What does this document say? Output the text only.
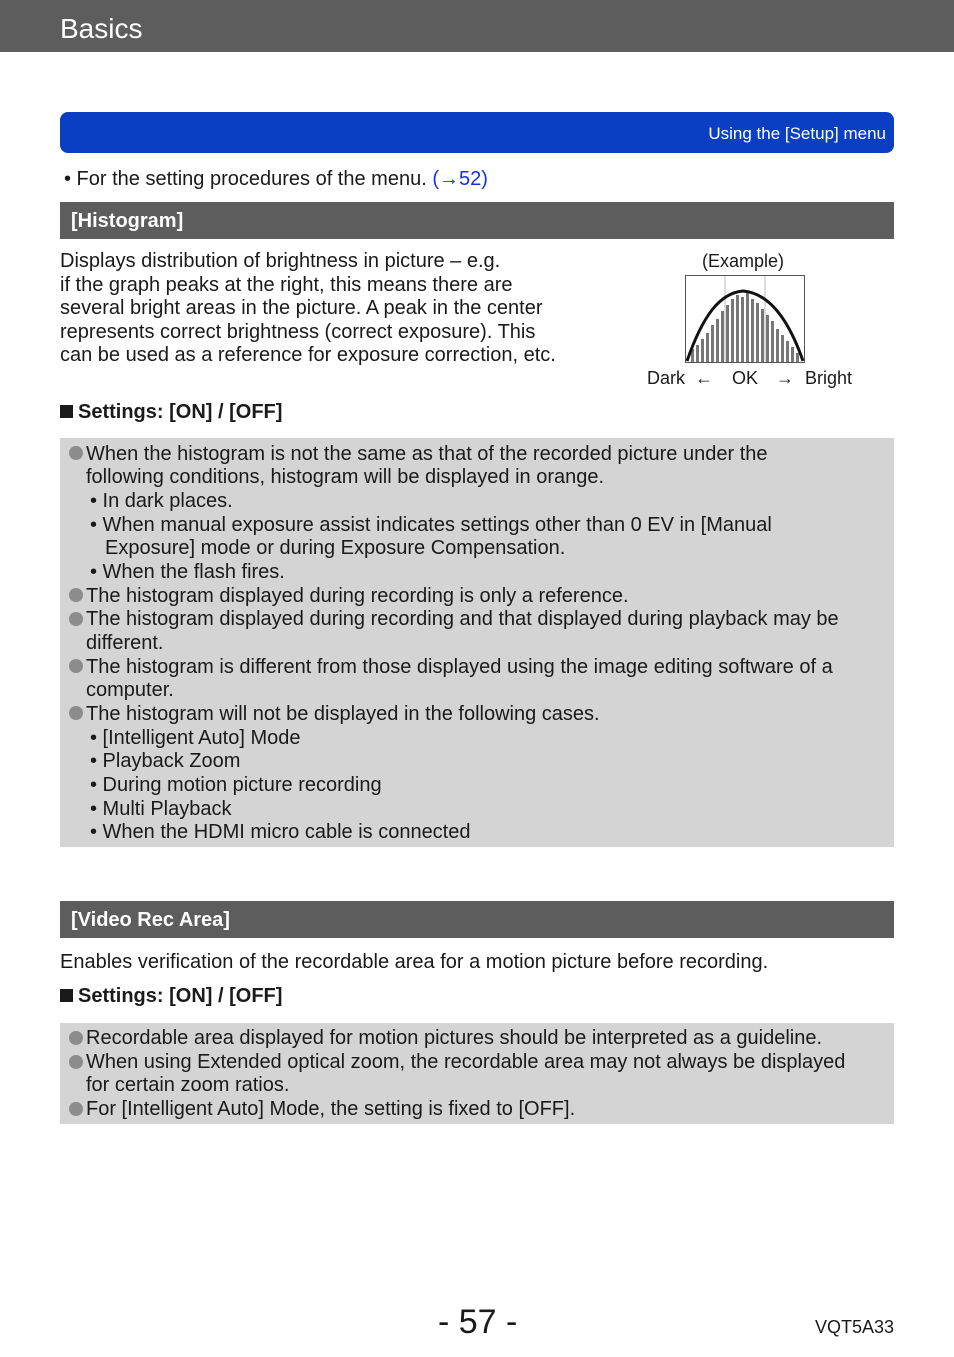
Basics
Using the [Setup] menu
• For the setting procedures of the menu. (→52)
[Histogram]
Displays distribution of brightness in picture – e.g.
if the graph peaks at the right, this means there are
several bright areas in the picture. A peak in the center
represents correct brightness (correct exposure). This
can be used as a reference for exposure correction, etc.
(Example)
Dark ← OK → Bright
Settings: [ON] / [OFF]
When the histogram is not the same as that of the recorded picture under the
following conditions, histogram will be displayed in orange.
• In dark places.
• When manual exposure assist indicates settings other than 0 EV in [Manual
Exposure] mode or during Exposure Compensation.
• When the flash fires.
The histogram displayed during recording is only a reference.
The histogram displayed during recording and that displayed during playback may be
different.
The histogram is different from those displayed using the image editing software of a
computer.
The histogram will not be displayed in the following cases.
• [Intelligent Auto] Mode
• Playback Zoom
• During motion picture recording
• Multi Playback
• When the HDMI micro cable is connected
[Video Rec Area]
Enables verification of the recordable area for a motion picture before recording.
Settings: [ON] / [OFF]
Recordable area displayed for motion pictures should be interpreted as a guideline.
When using Extended optical zoom, the recordable area may not always be displayed
for certain zoom ratios.
For [Intelligent Auto] Mode, the setting is fixed to [OFF].
- 57 -	VQT5A33
